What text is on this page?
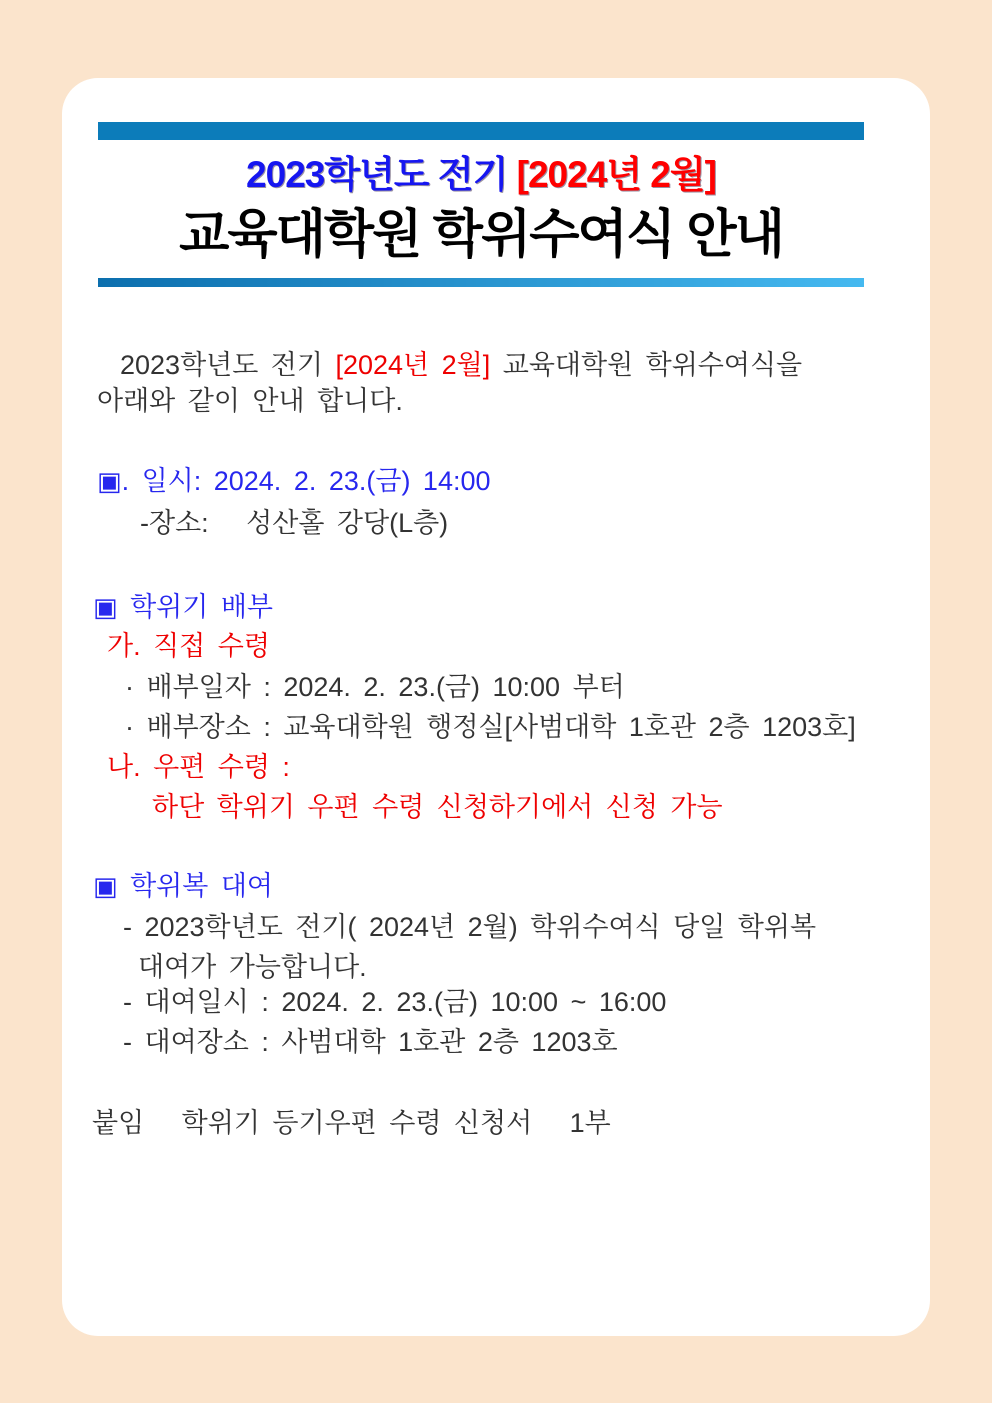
2023학년도 전기 [2024년 2월]
교육대학원 학위수여식 안내
2023학년도 전기 [2024년 2월] 교육대학원 학위수여식을
아래와 같이 안내 합니다.
▣. 일시: 2024. 2. 23.(금) 14:00
-장소:   성산홀 강당(L층)
▣ 학위기 배부
가. 직접 수령
· 배부일자 : 2024. 2. 23.(금) 10:00 부터
· 배부장소 : 교육대학원 행정실[사범대학 1호관 2층 1203호]
나. 우편 수령 :
하단 학위기 우편 수령 신청하기에서 신청 가능
▣ 학위복 대여
- 2023학년도 전기( 2024년 2월) 학위수여식 당일 학위복
대여가 가능합니다.
- 대여일시 : 2024. 2. 23.(금) 10:00 ~ 16:00
- 대여장소 : 사범대학 1호관 2층 1203호
붙임   학위기 등기우편 수령 신청서   1부
